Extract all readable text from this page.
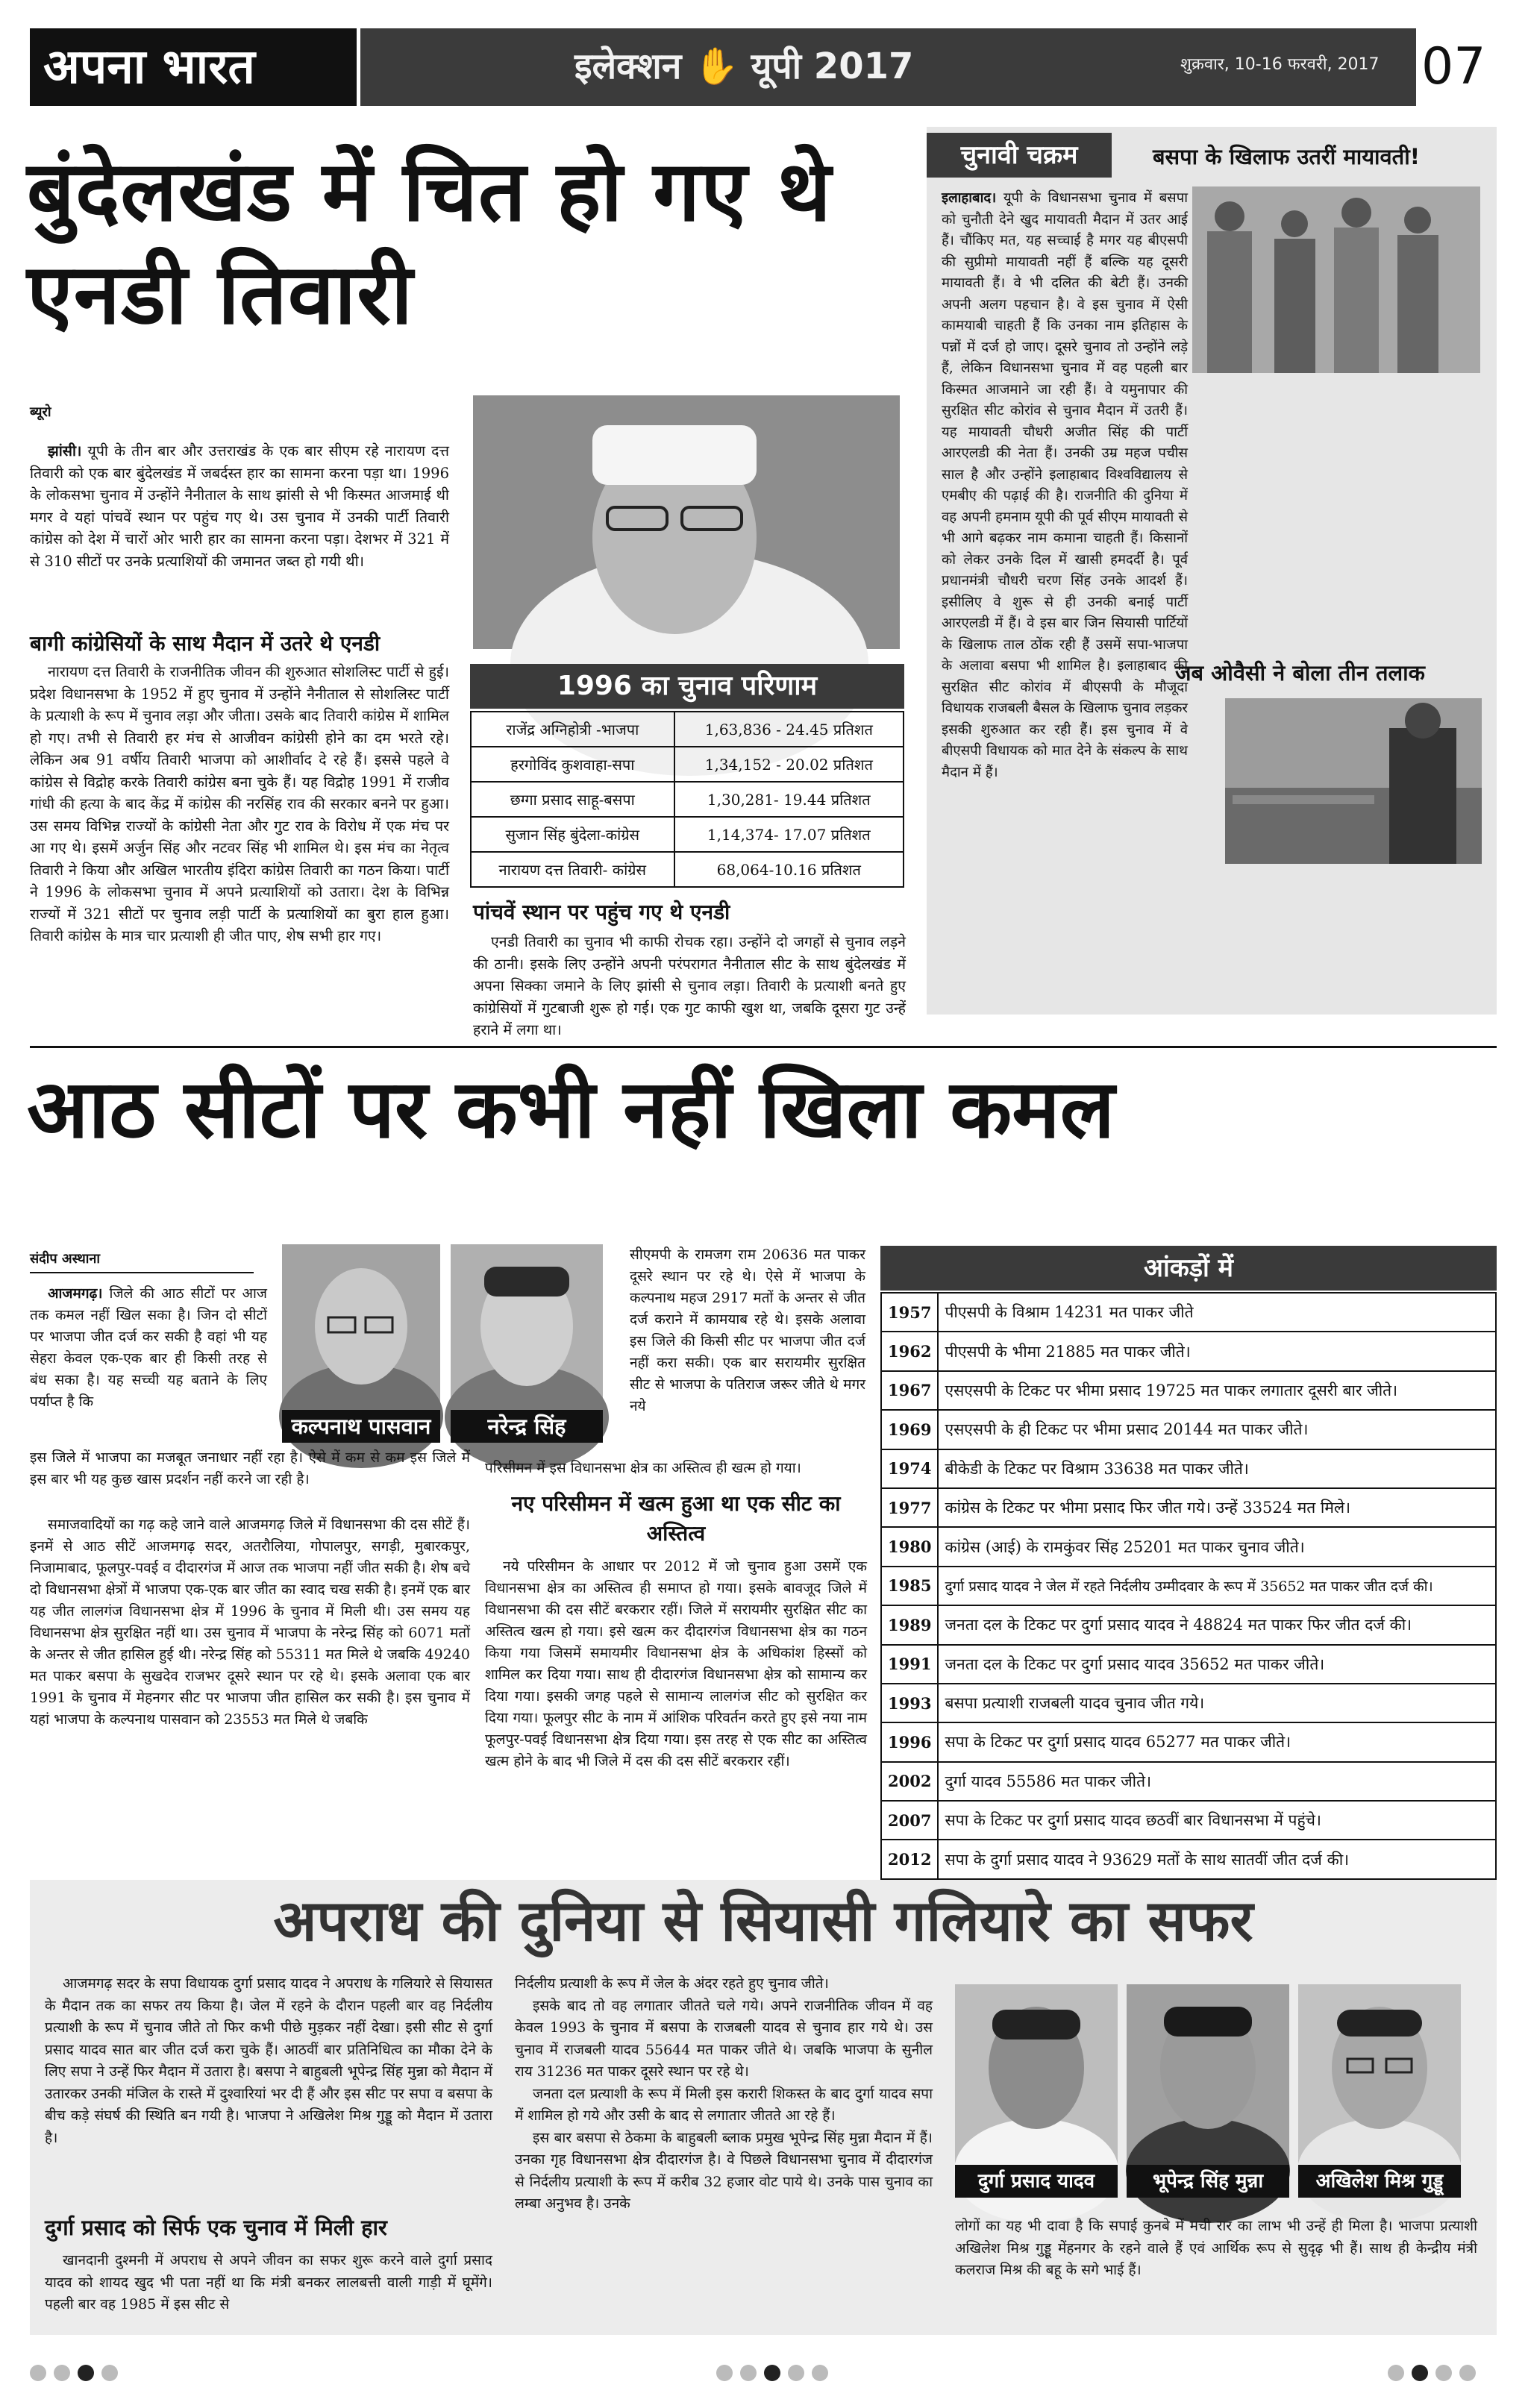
अपना भारत	इलेक्शन ✋ यूपी 2017	शुक्रवार, 10-16 फरवरी, 2017 07
बुंदेलखंड में चित हो गए थे एनडी तिवारी
ब्यूरो

झांसी। यूपी के तीन बार और उत्तराखंड के एक बार सीएम रहे नारायण दत्त तिवारी को एक बार बुंदेलखंड में जबर्दस्त हार का सामना करना पड़ा था। 1996 के लोकसभा चुनाव में उन्होंने नैनीताल के साथ झांसी से भी किस्मत आजमाई थी मगर वे यहां पांचवें स्थान पर पहुंच गए थे। उस चुनाव में उनकी पार्टी तिवारी कांग्रेस को देश में चारों ओर भारी हार का सामना करना पड़ा। देशभर में 321 में से 310 सीटों पर उनके प्रत्याशियों की जमानत जब्त हो गयी थी।

बागी कांग्रेसियों के साथ मैदान में उतरे थे एनडी

नारायण दत्त तिवारी के राजनीतिक जीवन की शुरुआत सोशलिस्ट पार्टी से हुई। प्रदेश विधानसभा के 1952 में हुए चुनाव में उन्होंने नैनीताल से सोशलिस्ट पार्टी के प्रत्याशी के रूप में चुनाव लड़ा और जीता। उसके बाद तिवारी कांग्रेस में शामिल हो गए। तभी से तिवारी हर मंच से आजीवन कांग्रेसी होने का दम भरते रहे। लेकिन अब 91 वर्षीय तिवारी भाजपा को आशीर्वाद दे रहे हैं। इससे पहले वे कांग्रेस से विद्रोह करके तिवारी कांग्रेस बना चुके हैं। यह विद्रोह 1991 में राजीव गांधी की हत्या के बाद केंद्र में कांग्रेस की नरसिंह राव की सरकार बनने पर हुआ। उस समय विभिन्न राज्यों के कांग्रेसी नेता और गुट राव के विरोध में एक मंच पर आ गए थे। इसमें अर्जुन सिंह और नटवर सिंह भी शामिल थे। इस मंच का नेतृत्व तिवारी ने किया और अखिल भारतीय इंदिरा कांग्रेस तिवारी का गठन किया। पार्टी ने 1996 के लोकसभा चुनाव में अपने प्रत्याशियों को उतारा। देश के विभिन्न राज्यों में 321 सीटों पर चुनाव लड़ी पार्टी के प्रत्याशियों का बुरा हाल हुआ। तिवारी कांग्रेस के मात्र चार प्रत्याशी ही जीत पाए, शेष सभी हार गए।

1996 का चुनाव परिणाम
राजेंद्र अग्निहोत्री -भाजपा	1,63,836 - 24.45 प्रतिशत
हरगोविंद कुशवाहा-सपा	1,34,152 - 20.02 प्रतिशत
छग्गा प्रसाद साहू-बसपा	1,30,281- 19.44 प्रतिशत
सुजान सिंह बुंदेला-कांग्रेस	1,14,374- 17.07 प्रतिशत
नारायण दत्त तिवारी- कांग्रेस	68,064-10.16 प्रतिशत
पांचवें स्थान पर पहुंच गए थे एनडी

एनडी तिवारी का चुनाव भी काफी रोचक रहा। उन्होंने दो जगहों से चुनाव लड़ने की ठानी। इसके लिए उन्होंने अपनी परंपरागत नैनीताल सीट के साथ बुंदेलखंड में अपना सिक्का जमाने के लिए झांसी से चुनाव लड़ा। तिवारी के प्रत्याशी बनते हुए कांग्रेसियों में गुटबाजी शुरू हो गई। एक गुट काफी खुश था, जबकि दूसरा गुट उन्हें हराने में लगा था।

चुनावी चक्रम	बसपा के खिलाफ उतरीं मायावती!

इलाहाबाद। यूपी के विधानसभा चुनाव में बसपा को चुनौती देने खुद मायावती मैदान में उतर आई हैं। चौंकिए मत, यह सच्चाई है मगर यह बीएसपी की सुप्रीमो मायावती नहीं हैं बल्कि यह दूसरी मायावती हैं। वे भी दलित की बेटी हैं। उनकी अपनी अलग पहचान है। वे इस चुनाव में ऐसी कामयाबी चाहती हैं कि उनका नाम इतिहास के पन्नों में दर्ज हो जाए। दूसरे चुनाव तो उन्होंने लड़े हैं, लेकिन विधानसभा चुनाव में वह पहली बार किस्मत आजमाने जा रही हैं। वे यमुनापार की सुरक्षित सीट कोरांव से चुनाव मैदान में उतरी हैं। यह मायावती चौधरी अजीत सिंह की पार्टी आरएलडी की नेता हैं। उनकी उम्र महज पचीस साल है और उन्होंने इलाहाबाद विश्वविद्यालय से एमबीए की पढ़ाई की है। राजनीति की दुनिया में वह अपनी हमनाम यूपी की पूर्व सीएम मायावती से भी आगे बढ़कर नाम कमाना चाहती हैं। किसानों को लेकर उनके दिल में खासी हमदर्दी है। पूर्व प्रधानमंत्री चौधरी चरण सिंह उनके आदर्श हैं। इसीलिए वे शुरू से ही उनकी बनाई पार्टी आरएलडी में हैं। वे इस बार जिन सियासी पार्टियों के खिलाफ ताल ठोंक रही हैं उसमें सपा-भाजपा के अलावा बसपा भी शामिल है। इलाहाबाद की सुरक्षित सीट कोरांव में बीएसपी के मौजूदा विधायक राजबली बैसल के खिलाफ चुनाव लड़कर इसकी शुरुआत कर रही हैं। इस चुनाव में वे बीएसपी विधायक को मात देने के संकल्प के साथ मैदान में हैं।

जब ओवैसी ने बोला तीन तलाक
आठ सीटों पर कभी नहीं खिला कमल
संदीप अस्थाना
कल्पनाथ पासवान	नरेन्द्र सिंह

आजमगढ़। जिले की आठ सीटों पर आज तक कमल नहीं खिल सका है। जिन दो सीटों पर भाजपा जीत दर्ज कर सकी है वहां भी यह सेहरा केवल एक-एक बार ही किसी तरह से बंध सका है। यह सच्ची यह बताने के लिए पर्याप्त है कि

इस जिले में भाजपा का मजबूत जनाधार नहीं रहा है। ऐसे में कम से कम इस जिले में इस बार भी यह कुछ खास प्रदर्शन नहीं करने जा रही है।

समाजवादियों का गढ़ कहे जाने वाले आजमगढ़ जिले में विधानसभा की दस सीटें हैं। इनमें से आठ सीटें आजमगढ़ सदर, अतरौलिया, गोपालपुर, सगड़ी, मुबारकपुर, निजामाबाद, फूलपुर-पवई व दीदारगंज में आज तक भाजपा नहीं जीत सकी है। शेष बचे दो विधानसभा क्षेत्रों में भाजपा एक-एक बार जीत का स्वाद चख सकी है। इनमें एक बार यह जीत लालगंज विधानसभा क्षेत्र में 1996 के चुनाव में मिली थी। उस समय यह विधानसभा क्षेत्र सुरक्षित नहीं था। उस चुनाव में भाजपा के नरेन्द्र सिंह को 6071 मतों के अन्तर से जीत हासिल हुई थी। नरेन्द्र सिंह को 55311 मत मिले थे जबकि 49240 मत पाकर बसपा के सुखदेव राजभर दूसरे स्थान पर रहे थे। इसके अलावा एक बार 1991 के चुनाव में मेहनगर सीट पर भाजपा जीत हासिल कर सकी है। इस चुनाव में यहां भाजपा के कल्पनाथ पासवान को 23553 मत मिले थे जबकि

सीएमपी के रामजग राम 20636 मत पाकर दूसरे स्थान पर रहे थे। ऐसे में भाजपा के कल्पनाथ महज 2917 मतों के अन्तर से जीत दर्ज कराने में कामयाब रहे थे। इसके अलावा इस जिले की किसी सीट पर भाजपा जीत दर्ज नहीं करा सकी। एक बार सरायमीर सुरक्षित सीट से भाजपा के पतिराज जरूर जीते थे मगर नये

परिसीमन में इस विधानसभा क्षेत्र का अस्तित्व ही खत्म हो गया।

नए परिसीमन में खत्म हुआ था एक सीट का अस्तित्व

नये परिसीमन के आधार पर 2012 में जो चुनाव हुआ उसमें एक विधानसभा क्षेत्र का अस्तित्व ही समाप्त हो गया। इसके बावजूद जिले में विधानसभा की दस सीटें बरकरार रहीं। जिले में सरायमीर सुरक्षित सीट का अस्तित्व खत्म हो गया। इसे खत्म कर दीदारगंज विधानसभा क्षेत्र का गठन किया गया जिसमें समायमीर विधानसभा क्षेत्र के अधिकांश हिस्सों को शामिल कर दिया गया। साथ ही दीदारगंज विधानसभा क्षेत्र को सामान्य कर दिया गया। इसकी जगह पहले से सामान्य लालगंज सीट को सुरक्षित कर दिया गया। फूलपुर सीट के नाम में आंशिक परिवर्तन करते हुए इसे नया नाम फूलपुर-पवई विधानसभा क्षेत्र दिया गया। इस तरह से एक सीट का अस्तित्व खत्म होने के बाद भी जिले में दस की दस सीटें बरकरार रहीं।

आंकड़ों में
1957	पीएसपी के विश्राम 14231 मत पाकर जीते
1962	पीएसपी के भीमा 21885 मत पाकर जीते।
1967	एसएसपी के टिकट पर भीमा प्रसाद 19725 मत पाकर लगातार दूसरी बार जीते।
1969	एसएसपी के ही टिकट पर भीमा प्रसाद 20144 मत पाकर जीते।
1974	बीकेडी के टिकट पर विश्राम 33638 मत पाकर जीते।
1977	कांग्रेस के टिकट पर भीमा प्रसाद फिर जीत गये। उन्हें 33524 मत मिले।
1980	कांग्रेस (आई) के रामकुंवर सिंह 25201 मत पाकर चुनाव जीते।
1985	दुर्गा प्रसाद यादव ने जेल में रहते निर्दलीय उम्मीदवार के रूप में 35652 मत पाकर जीत दर्ज की।
1989	जनता दल के टिकट पर दुर्गा प्रसाद यादव ने 48824 मत पाकर फिर जीत दर्ज की।
1991	जनता दल के टिकट पर दुर्गा प्रसाद यादव 35652 मत पाकर जीते।
1993	बसपा प्रत्याशी राजबली यादव चुनाव जीत गये।
1996	सपा के टिकट पर दुर्गा प्रसाद यादव 65277 मत पाकर जीते।
2002	दुर्गा यादव 55586 मत पाकर जीते।
2007	सपा के टिकट पर दुर्गा प्रसाद यादव छठवीं बार विधानसभा में पहुंचे।
2012	सपा के दुर्गा प्रसाद यादव ने 93629 मतों के साथ सातवीं जीत दर्ज की।
अपराध की दुनिया से सियासी गलियारे का सफर

आजमगढ़ सदर के सपा विधायक दुर्गा प्रसाद यादव ने अपराध के गलियारे से सियासत के मैदान तक का सफर तय किया है। जेल में रहने के दौरान पहली बार वह निर्दलीय प्रत्याशी के रूप में चुनाव जीते तो फिर कभी पीछे मुड़कर नहीं देखा। इसी सीट से दुर्गा प्रसाद यादव सात बार जीत दर्ज करा चुके हैं। आठवीं बार प्रतिनिधित्व का मौका देने के लिए सपा ने उन्हें फिर मैदान में उतारा है। बसपा ने बाहुबली भूपेन्द्र सिंह मुन्ना को मैदान में उतारकर उनकी मंजिल के रास्ते में दुश्वारियां भर दी हैं और इस सीट पर सपा व बसपा के बीच कड़े संघर्ष की स्थिति बन गयी है। भाजपा ने अखिलेश मिश्र गुड्डू को मैदान में उतारा है।

दुर्गा प्रसाद को सिर्फ एक चुनाव में मिली हार

खानदानी दुश्मनी में अपराध से अपने जीवन का सफर शुरू करने वाले दुर्गा प्रसाद यादव को शायद खुद भी पता नहीं था कि मंत्री बनकर लालबत्ती वाली गाड़ी में घूमेंगे। पहली बार वह 1985 में इस सीट से

निर्दलीय प्रत्याशी के रूप में जेल के अंदर रहते हुए चुनाव जीते।

इसके बाद तो वह लगातार जीतते चले गये। अपने राजनीतिक जीवन में वह केवल 1993 के चुनाव में बसपा के राजबली यादव से चुनाव हार गये थे। उस चुनाव में राजबली यादव 55644 मत पाकर जीते थे। जबकि भाजपा के सुनील राय 31236 मत पाकर दूसरे स्थान पर रहे थे।

जनता दल प्रत्याशी के रूप में मिली इस करारी शिकस्त के बाद दुर्गा यादव सपा में शामिल हो गये और उसी के बाद से लगातार जीतते आ रहे हैं।

इस बार बसपा से ठेकमा के बाहुबली ब्लाक प्रमुख भूपेन्द्र सिंह मुन्ना मैदान में हैं। उनका गृह विधानसभा क्षेत्र दीदारगंज है। वे पिछले विधानसभा चुनाव में दीदारगंज से निर्दलीय प्रत्याशी के रूप में करीब 32 हजार वोट पाये थे। उनके पास चुनाव का लम्बा अनुभव है। उनके

दुर्गा प्रसाद यादव	भूपेन्द्र सिंह मुन्ना	अखिलेश मिश्र गुड्डू

लोगों का यह भी दावा है कि सपाई कुनबे में मची रार का लाभ भी उन्हें ही मिला है। भाजपा प्रत्याशी अखिलेश मिश्र गुड्डू मेंहनगर के रहने वाले हैं एवं आर्थिक रूप से सुदृढ़ भी हैं। साथ ही केन्द्रीय मंत्री कलराज मिश्र की बहू के सगे भाई हैं।
